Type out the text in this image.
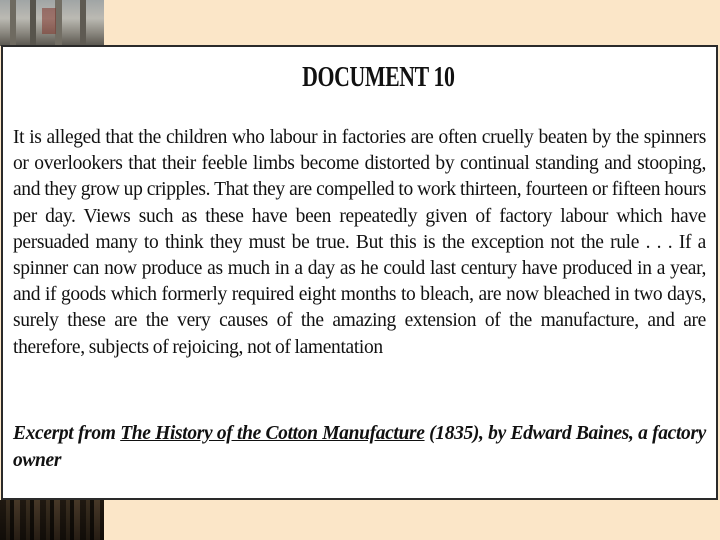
DOCUMENT 10

It is alleged that the children who labour in factories are often cruelly beaten by the spinners or overlookers that their feeble limbs become distorted by continual standing and stooping, and they grow up cripples. That they are compelled to work thirteen, fourteen or fifteen hours per day. Views such as these have been repeatedly given of factory labour which have persuaded many to think they must be true. But this is the exception not the rule . . . If a spinner can now produce as much in a day as he could last century have produced in a year, and if goods which formerly required eight months to bleach, are now bleached in two days, surely these are the very causes of the amazing extension of the manufacture, and are therefore, subjects of rejoicing, not of lamentation

Excerpt from The History of the Cotton Manufacture (1835), by Edward Baines, a factory owner
